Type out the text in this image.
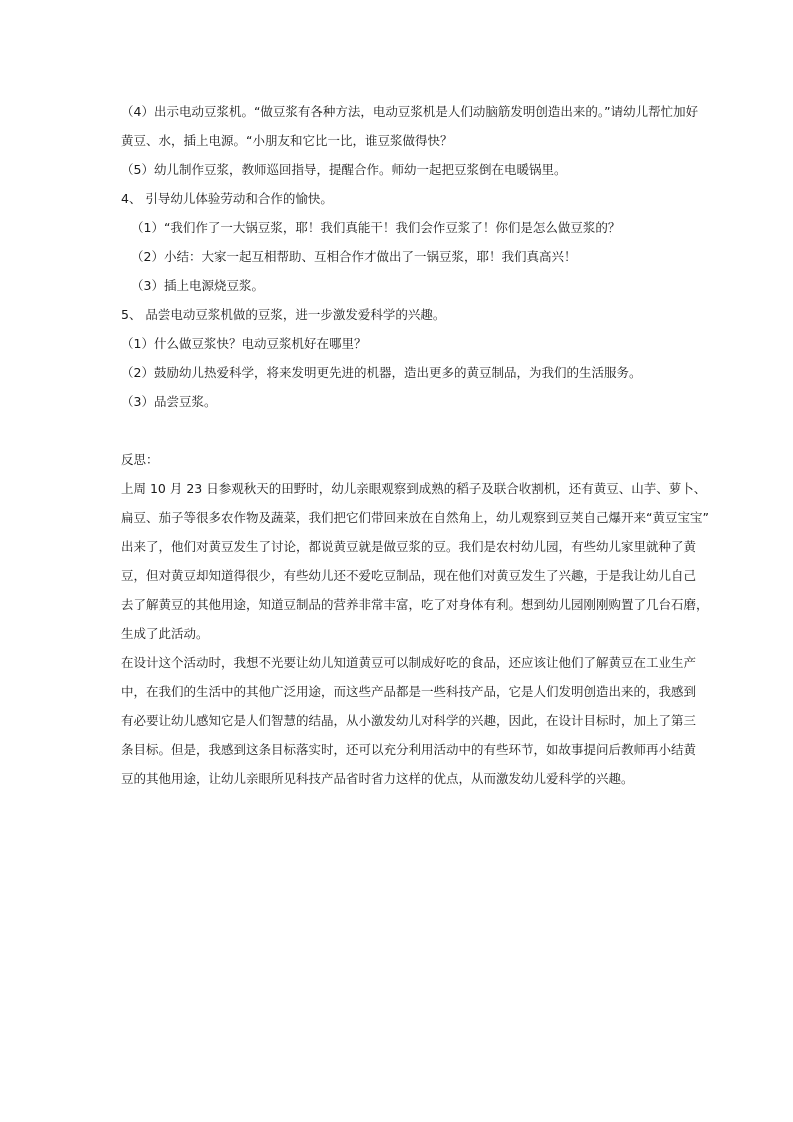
（4）出示电动豆浆机。“做豆浆有各种方法，电动豆浆机是人们动脑筋发明创造出来的。”请幼儿帮忙加好
黄豆、水，插上电源。“小朋友和它比一比，谁豆浆做得快？
（5）幼儿制作豆浆，教师巡回指导，提醒合作。师幼一起把豆浆倒在电暖锅里。
4、 引导幼儿体验劳动和合作的愉快。
（1）“我们作了一大锅豆浆，耶！我们真能干！我们会作豆浆了！你们是怎么做豆浆的？
（2）小结：大家一起互相帮助、互相合作才做出了一锅豆浆，耶！我们真高兴！
（3）插上电源烧豆浆。
5、 品尝电动豆浆机做的豆浆，进一步激发爱科学的兴趣。
（1）什么做豆浆快？电动豆浆机好在哪里？
（2）鼓励幼儿热爱科学，将来发明更先进的机器，造出更多的黄豆制品，为我们的生活服务。
（3）品尝豆浆。
反思：
上周 10 月 23 日参观秋天的田野时，幼儿亲眼观察到成熟的稻子及联合收割机，还有黄豆、山芋、萝卜、
扁豆、茄子等很多农作物及蔬菜，我们把它们带回来放在自然角上，幼儿观察到豆荚自己爆开来“黄豆宝宝”
出来了，他们对黄豆发生了讨论，都说黄豆就是做豆浆的豆。我们是农村幼儿园，有些幼儿家里就种了黄
豆，但对黄豆却知道得很少，有些幼儿还不爱吃豆制品，现在他们对黄豆发生了兴趣，于是我让幼儿自己
去了解黄豆的其他用途，知道豆制品的营养非常丰富，吃了对身体有利。想到幼儿园刚刚购置了几台石磨，
生成了此活动。
在设计这个活动时，我想不光要让幼儿知道黄豆可以制成好吃的食品，还应该让他们了解黄豆在工业生产
中，在我们的生活中的其他广泛用途，而这些产品都是一些科技产品，它是人们发明创造出来的，我感到
有必要让幼儿感知它是人们智慧的结晶，从小激发幼儿对科学的兴趣，因此，在设计目标时，加上了第三
条目标。但是，我感到这条目标落实时，还可以充分利用活动中的有些环节，如故事提问后教师再小结黄
豆的其他用途，让幼儿亲眼所见科技产品省时省力这样的优点，从而激发幼儿爱科学的兴趣。
